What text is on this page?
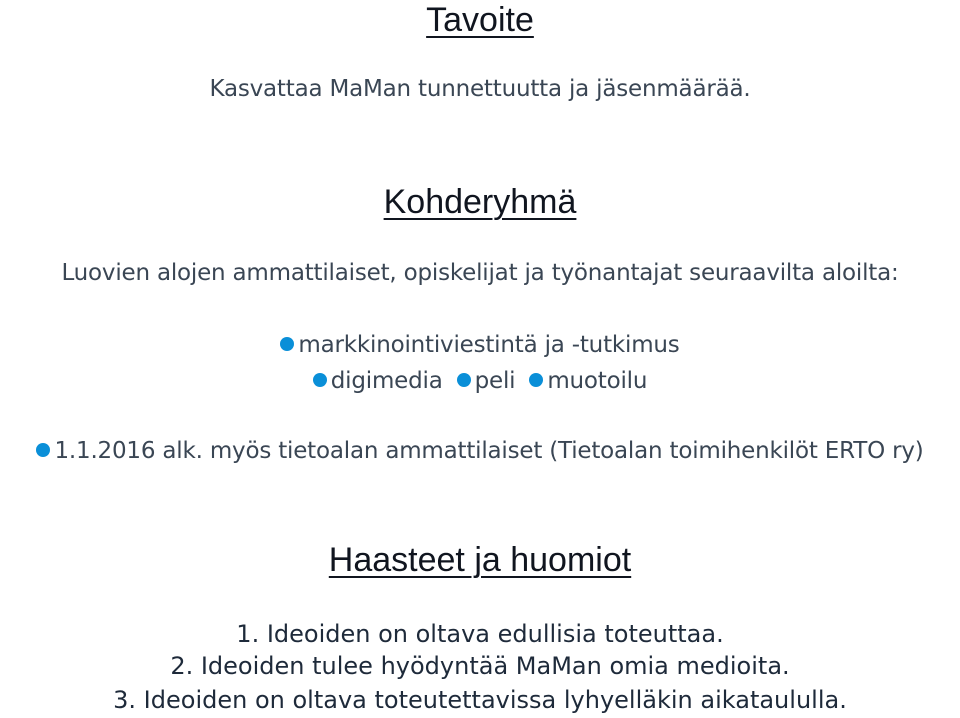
Tavoite
Kasvattaa MaMan tunnettuutta ja jäsenmäärää.
Kohderyhmä
Luovien alojen ammattilaiset, opiskelijat ja työnantajat seuraavilta aloilta:
markkinointiviestintä ja -tutkimus
digimedia peli muotoilu
1.1.2016 alk. myös tietoalan ammattilaiset (Tietoalan toimihenkilöt ERTO ry)
Haasteet ja huomiot
1. Ideoiden on oltava edullisia toteuttaa.
2. Ideoiden tulee hyödyntää MaMan omia medioita.
3. Ideoiden on oltava toteutettavissa lyhyelläkin aikataululla.
